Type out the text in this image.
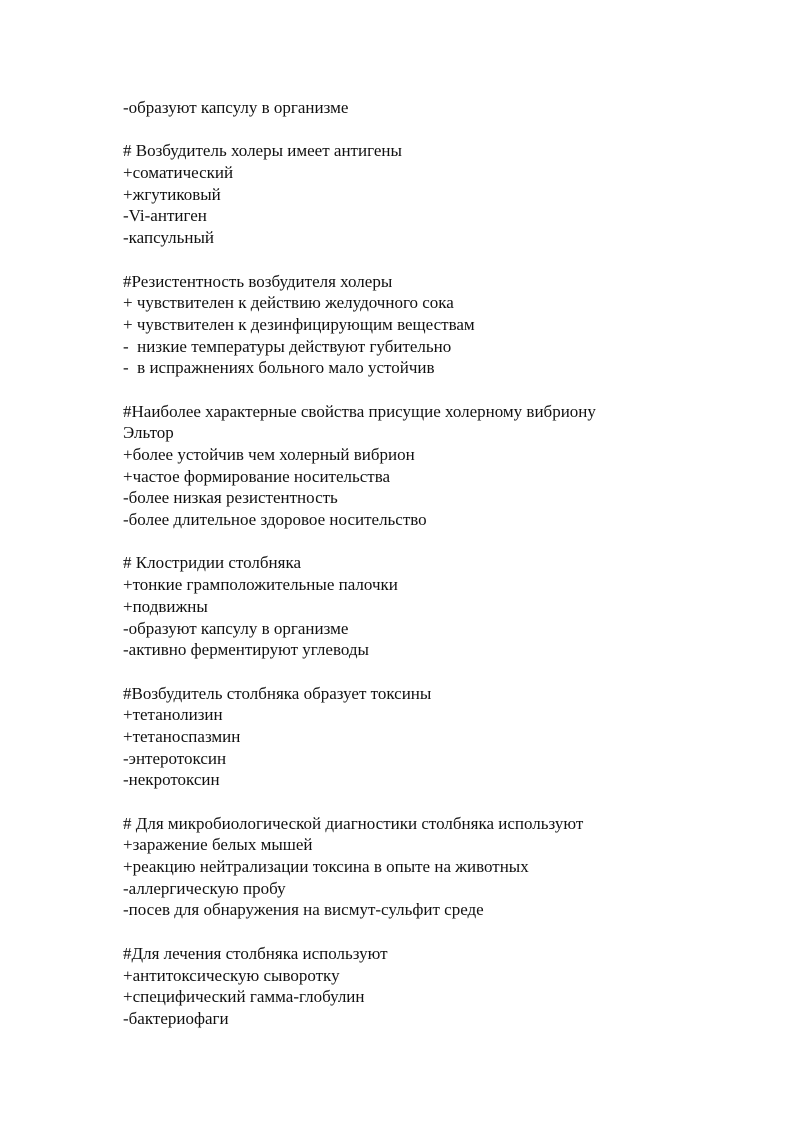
-образуют капсулу в организме
# Возбудитель холеры имеет антигены
+соматический
+жгутиковый
-Vi-антиген
-капсульный
#Резистентность возбудителя холеры
+ чувствителен к действию желудочного сока
+ чувствителен к дезинфицирующим веществам
-  низкие температуры действуют губительно
-  в испражнениях больного мало устойчив
#Наиболее характерные свойства присущие холерному вибриону
Эльтор
+более устойчив чем холерный вибрион
+частое формирование носительства
-более низкая резистентность
-более длительное здоровое носительство
# Клостридии столбняка
+тонкие грамположительные палочки
+подвижны
-образуют капсулу в организме
-активно ферментируют углеводы
#Возбудитель столбняка образует токсины
+тетанолизин
+тетаноспазмин
-энтеротоксин
-некротоксин
# Для микробиологической диагностики столбняка используют
+заражение белых мышей
+реакцию нейтрализации токсина в опыте на животных
-аллергическую пробу
-посев для обнаружения на висмут-сульфит среде
#Для лечения столбняка используют
+антитоксическую сыворотку
+специфический гамма-глобулин
-бактериофаги
